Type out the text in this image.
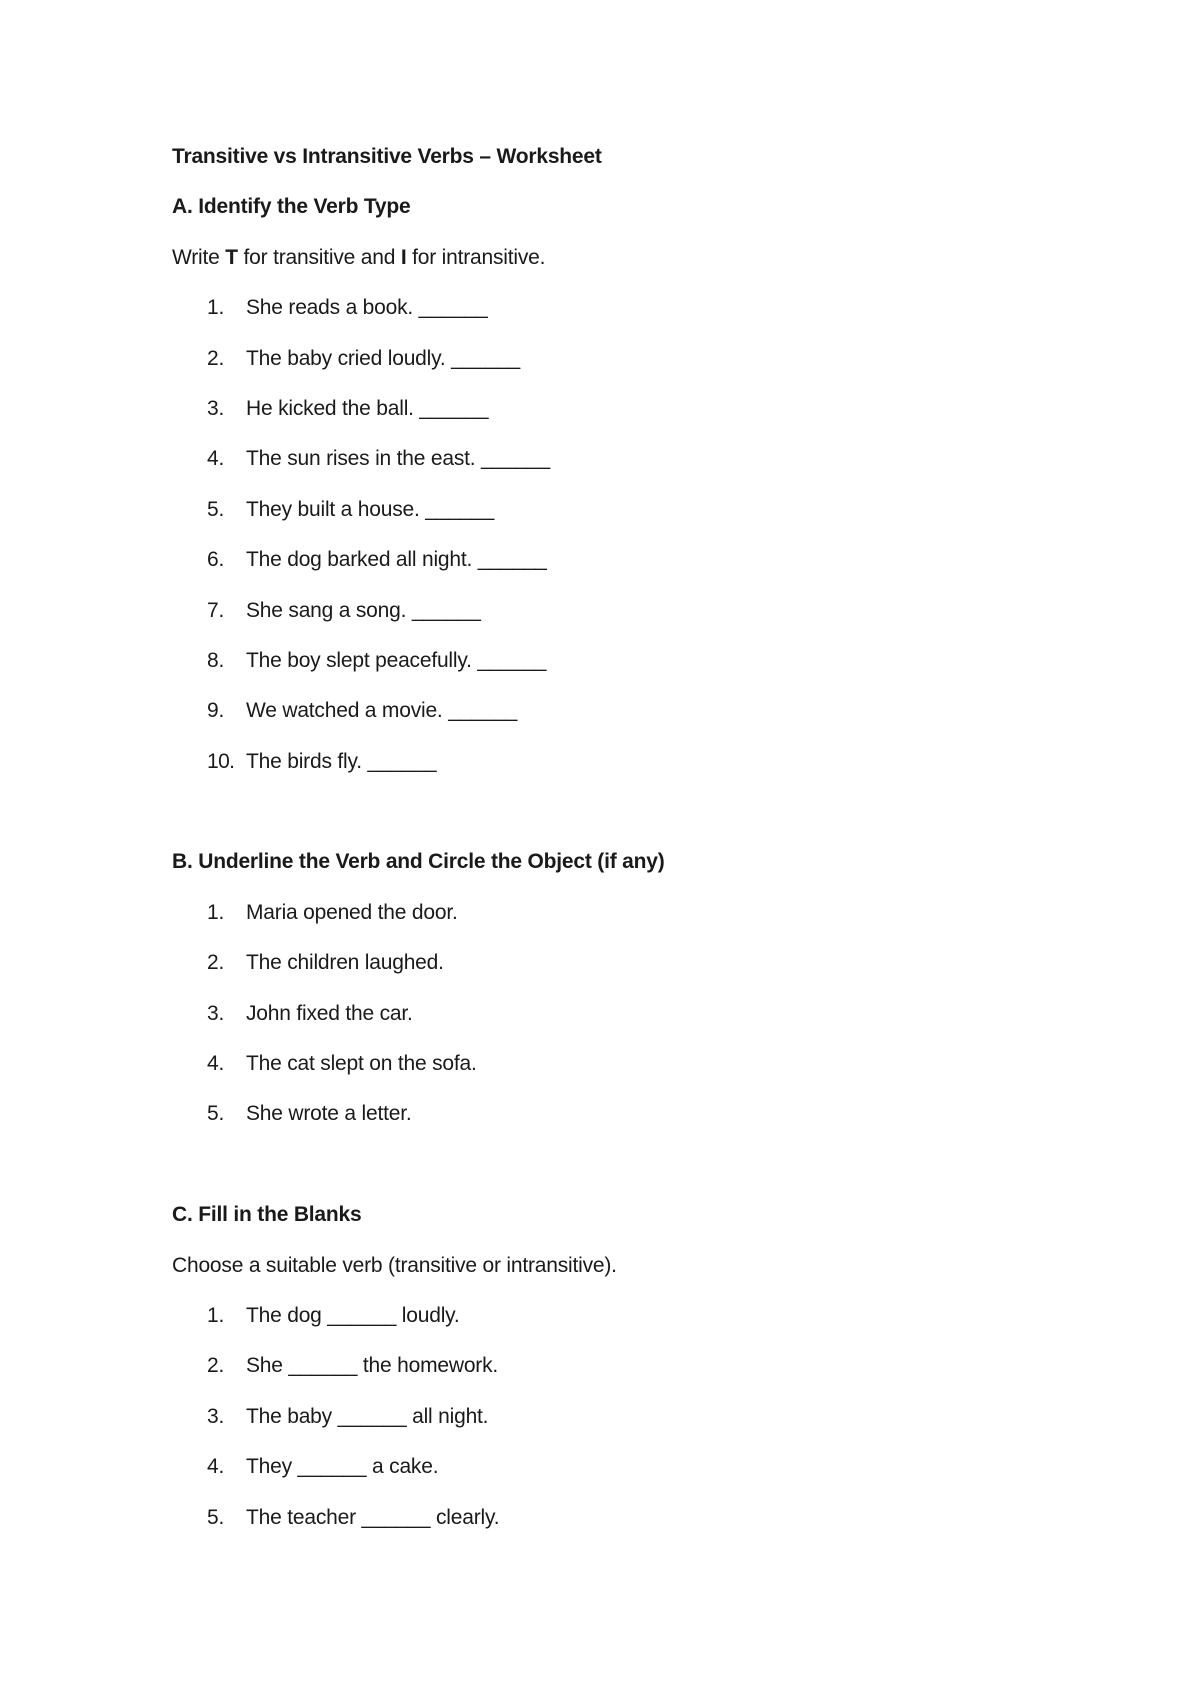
Transitive vs Intransitive Verbs – Worksheet
A. Identify the Verb Type
Write T for transitive and I for intransitive.
1. She reads a book. ______
2. The baby cried loudly. ______
3. He kicked the ball. ______
4. The sun rises in the east. ______
5. They built a house. ______
6. The dog barked all night. ______
7. She sang a song. ______
8. The boy slept peacefully. ______
9. We watched a movie. ______
10. The birds fly. ______
B. Underline the Verb and Circle the Object (if any)
1. Maria opened the door.
2. The children laughed.
3. John fixed the car.
4. The cat slept on the sofa.
5. She wrote a letter.
C. Fill in the Blanks
Choose a suitable verb (transitive or intransitive).
1. The dog ______ loudly.
2. She ______ the homework.
3. The baby ______ all night.
4. They ______ a cake.
5. The teacher ______ clearly.
